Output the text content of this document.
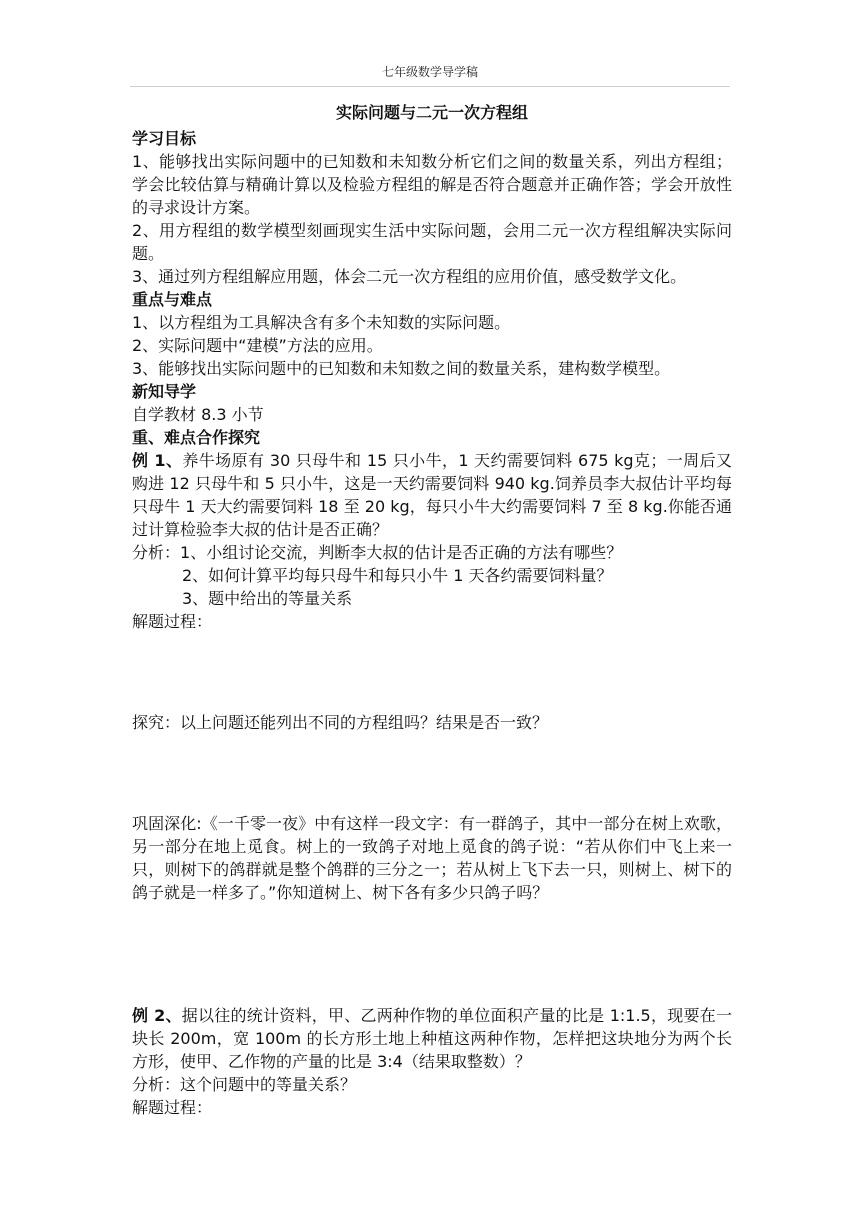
七年级数学导学稿

实际问题与二元一次方程组

学习目标

1、能够找出实际问题中的已知数和未知数分析它们之间的数量关系，列出方程组；学会比较估算与精确计算以及检验方程组的解是否符合题意并正确作答；学会开放性的寻求设计方案。

2、用方程组的数学模型刻画现实生活中实际问题，会用二元一次方程组解决实际问题。

3、通过列方程组解应用题，体会二元一次方程组的应用价值，感受数学文化。

重点与难点

1、以方程组为工具解决含有多个未知数的实际问题。

2、实际问题中“建模”方法的应用。

3、能够找出实际问题中的已知数和未知数之间的数量关系，建构数学模型。

新知导学

自学教材 8.3 小节

重、难点合作探究

例 1、养牛场原有 30 只母牛和 15 只小牛，1 天约需要饲料 675 kg克；一周后又购进 12 只母牛和 5 只小牛，这是一天约需要饲料 940 kg.饲养员李大叔估计平均每只母牛 1 天大约需要饲料 18 至 20 kg，每只小牛大约需要饲料 7 至 8 kg.你能否通过计算检验李大叔的估计是否正确？

分析：1、小组讨论交流，判断李大叔的估计是否正确的方法有哪些？

2、如何计算平均每只母牛和每只小牛 1 天各约需要饲料量？

3、题中给出的等量关系

解题过程：

探究：以上问题还能列出不同的方程组吗？结果是否一致？

巩固深化:《一千零一夜》中有这样一段文字：有一群鸽子，其中一部分在树上欢歌，另一部分在地上觅食。树上的一致鸽子对地上觅食的鸽子说：“若从你们中飞上来一只，则树下的鸽群就是整个鸽群的三分之一；若从树上飞下去一只，则树上、树下的鸽子就是一样多了。”你知道树上、树下各有多少只鸽子吗？

例 2、据以往的统计资料，甲、乙两种作物的单位面积产量的比是 1:1.5，现要在一块长 200m，宽 100m 的长方形土地上种植这两种作物，怎样把这块地分为两个长方形，使甲、乙作物的产量的比是 3:4（结果取整数）？

分析：这个问题中的等量关系？

解题过程：
